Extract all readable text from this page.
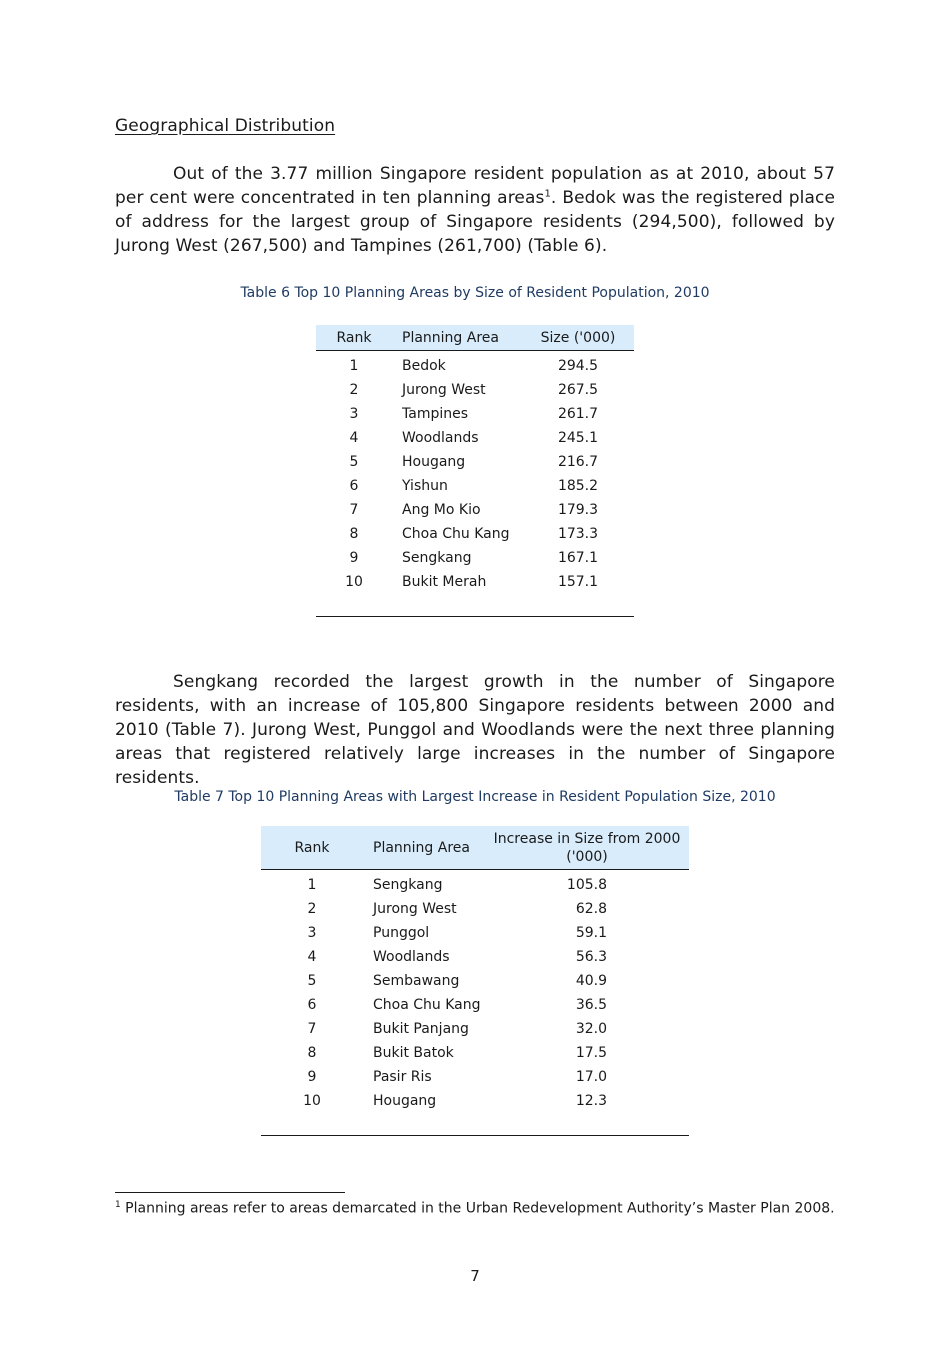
Geographical Distribution

Out of the 3.77 million Singapore resident population as at 2010, about 57 per cent were concentrated in ten planning areas$^1$. Bedok was the registered place of address for the largest group of Singapore residents (294,500), followed by Jurong West (267,500) and Tampines (261,700) (Table 6).

Table 6 Top 10 Planning Areas by Size of Resident Population, 2010
Rank	Planning Area	Size ('000)
1	Bedok	294.5
2	Jurong West	267.5
3	Tampines	261.7
4	Woodlands	245.1
5	Hougang	216.7
6	Yishun	185.2
7	Ang Mo Kio	179.3
8	Choa Chu Kang	173.3
9	Sengkang	167.1
10	Bukit Merah	157.1

Sengkang recorded the largest growth in the number of Singapore residents, with an increase of 105,800 Singapore residents between 2000 and 2010 (Table 7). Jurong West, Punggol and Woodlands were the next three planning areas that registered relatively large increases in the number of Singapore residents.

Table 7 Top 10 Planning Areas with Largest Increase in Resident Population Size, 2010
Rank	Planning Area	Increase in Size from 2000
('000)

1	Sengkang	105.8
2	Jurong West	62.8
3	Punggol	59.1
4	Woodlands	56.3
5	Sembawang	40.9
6	Choa Chu Kang	36.5
7	Bukit Panjang	32.0
8	Bukit Batok	17.5
9	Pasir Ris	17.0
10	Hougang	12.3

$^1$ Planning areas refer to areas demarcated in the Urban Redevelopment Authority’s Master Plan 2008.
7
